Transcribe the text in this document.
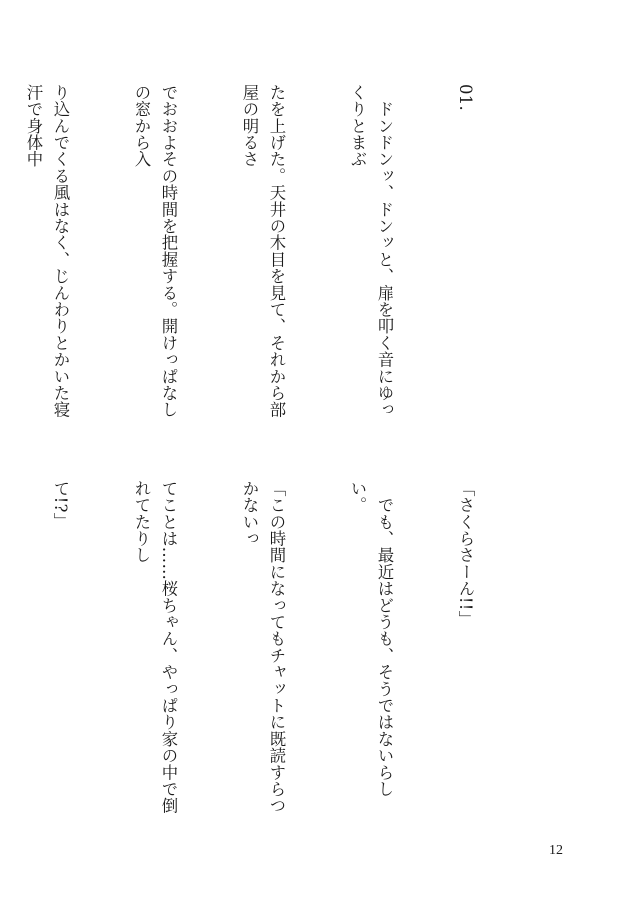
01.

　ドンドンッ、ドンッと、扉を叩く音にゆっくりとまぶ

たを上げた。天井の木目を見て、それから部屋の明るさ

でおおよその時間を把握する。開けっぱなしの窓から入

り込んでくる風はなく、じんわりとかいた寝汗で身体中

「さくらさーん!!」

　でも、最近はどうも、そうではないらしい。

「この時間になってもチャットに既読すらつかないっ

てことは……桜ちゃん、やっぱり家の中で倒れてたりし

て!?」

12
